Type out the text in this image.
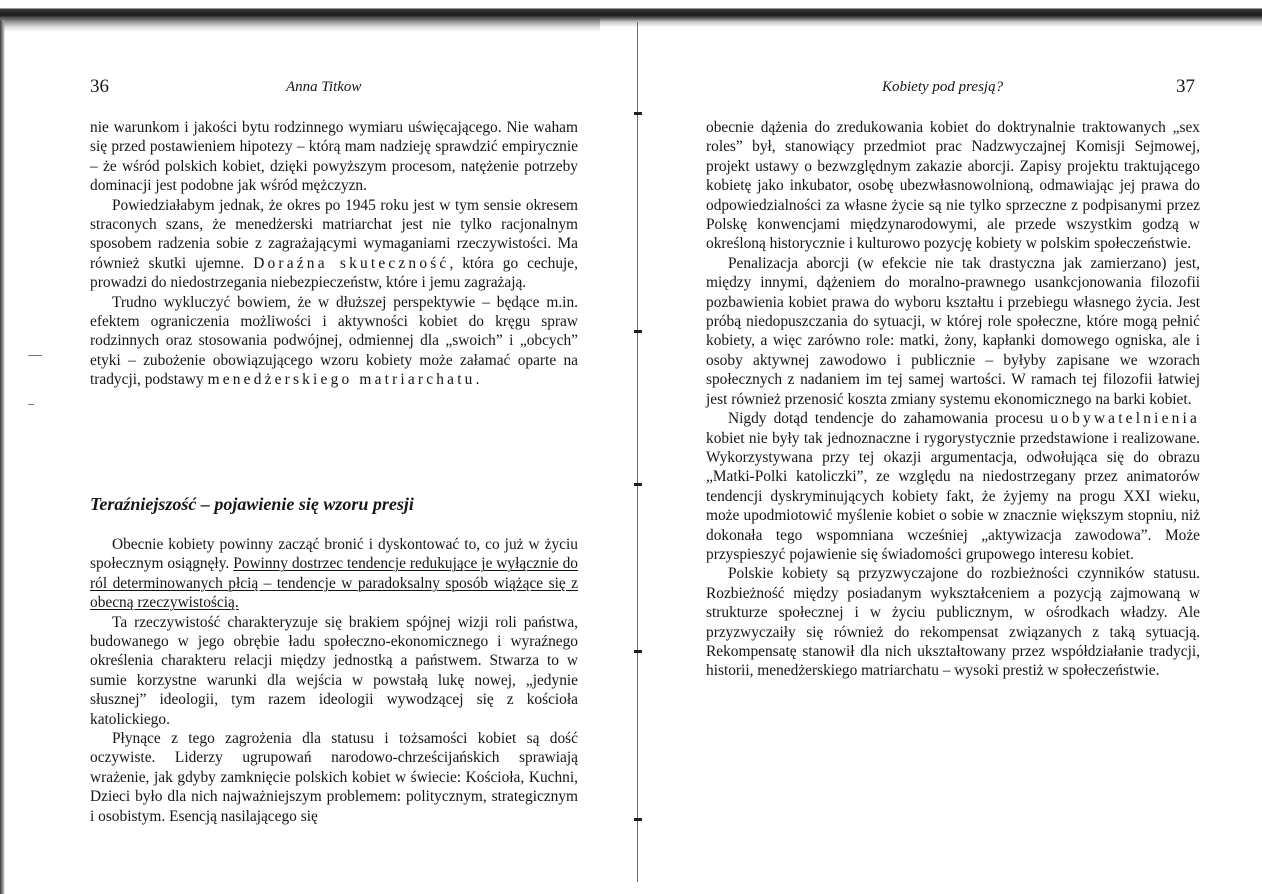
36	Anna Titkow

nie warunkom i jakości bytu rodzinnego wymiaru uświęcającego. Nie waham się przed postawieniem hipotezy – którą mam nadzieję sprawdzić empirycznie – że wśród polskich kobiet, dzięki powyższym procesom, natężenie potrzeby dominacji jest podobne jak wśród mężczyzn.

Powiedziałabym jednak, że okres po 1945 roku jest w tym sensie okresem straconych szans, że menedżerski matriarchat jest nie tylko racjonalnym sposobem radzenia sobie z zagrażającymi wymaganiami rzeczywistości. Ma również skutki ujemne. Doraźna skuteczność, która go cechuje, prowadzi do niedostrzegania niebezpieczeństw, które i jemu zagrażają.

Trudno wykluczyć bowiem, że w dłuższej perspektywie – będące m.in. efektem ograniczenia możliwości i aktywności kobiet do kręgu spraw rodzinnych oraz stosowania podwójnej, odmiennej dla „swoich” i „obcych” etyki – zubożenie obowiązującego wzoru kobiety może załamać oparte na tradycji, podstawy menedżerskiego matriarchatu.

Teraźniejszość – pojawienie się wzoru presji

Obecnie kobiety powinny zacząć bronić i dyskontować to, co już w życiu społecznym osiągnęły. Powinny dostrzec tendencje redukujące je wyłącznie do ról determinowanych płcią – tendencje w paradoksalny sposób wiążące się z obecną rzeczywistością.

Ta rzeczywistość charakteryzuje się brakiem spójnej wizji roli państwa, budowanego w jego obrębie ładu społeczno-ekonomicznego i wyraźnego określenia charakteru relacji między jednostką a państwem. Stwarza to w sumie korzystne warunki dla wejścia w powstałą lukę nowej, „jedynie słusznej” ideologii, tym razem ideologii wywodzącej się z kościoła katolickiego.

Płynące z tego zagrożenia dla statusu i tożsamości kobiet są dość oczywiste. Liderzy ugrupowań narodowo-chrześcijańskich sprawiają wrażenie, jak gdyby zamknięcie polskich kobiet w świecie: Kościoła, Kuchni, Dzieci było dla nich najważniejszym problemem: politycznym, strategicznym i osobistym. Esencją nasilającego się

Kobiety pod presją?	37

obecnie dążenia do zredukowania kobiet do doktrynalnie traktowanych „sex roles” był, stanowiący przedmiot prac Nadzwyczajnej Komisji Sejmowej, projekt ustawy o bezwzględnym zakazie aborcji. Zapisy projektu traktującego kobietę jako inkubator, osobę ubezwłasnowolnioną, odmawiając jej prawa do odpowiedzialności za własne życie są nie tylko sprzeczne z podpisanymi przez Polskę konwencjami międzynarodowymi, ale przede wszystkim godzą w określoną historycznie i kulturowo pozycję kobiety w polskim społeczeństwie.

Penalizacja aborcji (w efekcie nie tak drastyczna jak zamierzano) jest, między innymi, dążeniem do moralno-prawnego usankcjonowania filozofii pozbawienia kobiet prawa do wyboru kształtu i przebiegu własnego życia. Jest próbą niedopuszczania do sytuacji, w której role społeczne, które mogą pełnić kobiety, a więc zarówno role: matki, żony, kapłanki domowego ogniska, ale i osoby aktywnej zawodowo i publicznie – byłyby zapisane we wzorach społecznych z nadaniem im tej samej wartości. W ramach tej filozofii łatwiej jest również przenosić koszta zmiany systemu ekonomicznego na barki kobiet.

Nigdy dotąd tendencje do zahamowania procesu uobywatelnienia kobiet nie były tak jednoznaczne i rygorystycznie przedstawione i realizowane. Wykorzystywana przy tej okazji argumentacja, odwołująca się do obrazu „Matki-Polki katoliczki”, ze względu na niedostrzegany przez animatorów tendencji dyskryminujących kobiety fakt, że żyjemy na progu XXI wieku, może upodmiotowić myślenie kobiet o sobie w znacznie większym stopniu, niż dokonała tego wspomniana wcześniej „aktywizacja zawodowa”. Może przyspieszyć pojawienie się świadomości grupowego interesu kobiet.

Polskie kobiety są przyzwyczajone do rozbieżności czynników statusu. Rozbieżność między posiadanym wykształceniem a pozycją zajmowaną w strukturze społecznej i w życiu publicznym, w ośrodkach władzy. Ale przyzwyczaiły się również do rekompensat związanych z taką sytuacją. Rekompensatę stanowił dla nich ukształtowany przez współdziałanie tradycji, historii, menedżerskiego matriarchatu – wysoki prestiż w społeczeństwie.
